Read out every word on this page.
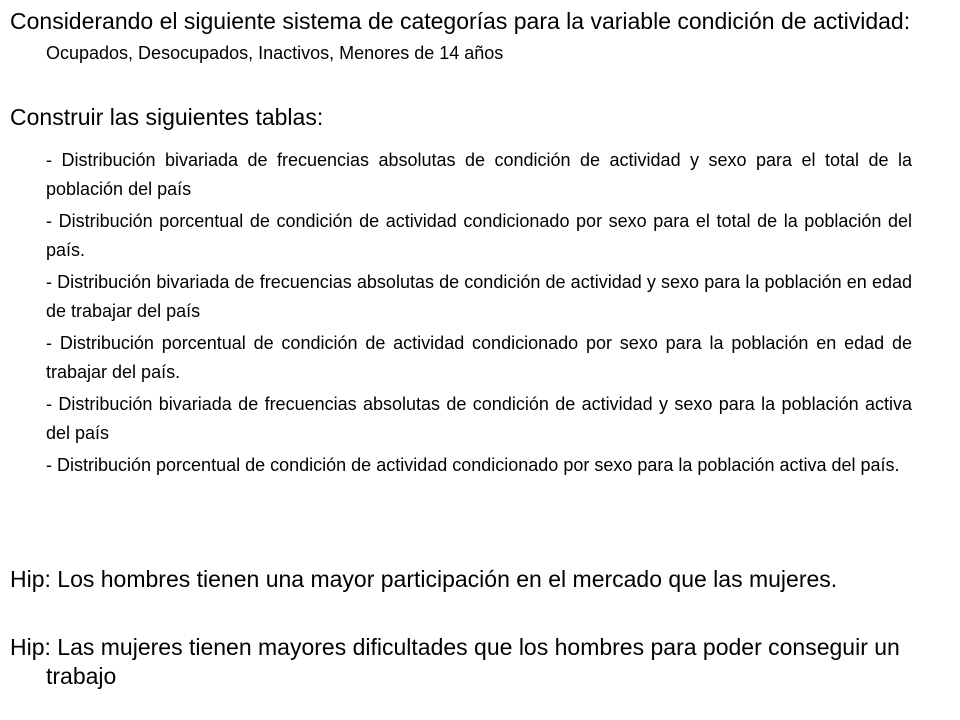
Considerando el siguiente sistema de categorías para la variable condición de actividad: Ocupados, Desocupados, Inactivos, Menores de 14 años
Construir las siguientes tablas:
- Distribución bivariada de frecuencias absolutas de condición de actividad y sexo para el total de la población del país
- Distribución porcentual de condición de actividad condicionado por sexo para el total de la población del país.
- Distribución bivariada de frecuencias absolutas de condición de actividad y sexo para la población en edad de trabajar del país
- Distribución porcentual de condición de actividad condicionado por sexo para la población en edad de trabajar del país.
- Distribución bivariada de frecuencias absolutas de condición de actividad y sexo para la población activa del país
- Distribución porcentual de condición de actividad condicionado por sexo para la población activa del país.
Hip: Los hombres tienen una mayor participación en el mercado que las mujeres.
Hip: Las mujeres tienen mayores dificultades que los hombres para poder conseguir un trabajo
